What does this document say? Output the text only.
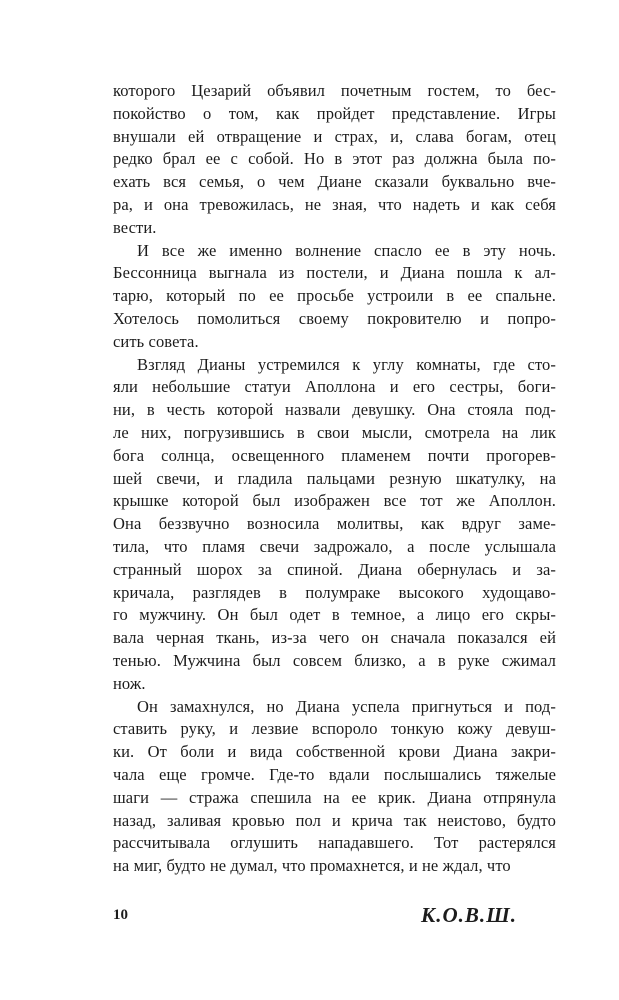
которого Цезарий объявил почетным гостем, то бес-
покойство о том, как пройдет представление. Игры
внушали ей отвращение и страх, и, слава богам, отец
редко брал ее с собой. Но в этот раз должна была по-
ехать вся семья, о чем Диане сказали буквально вче-
ра, и она тревожилась, не зная, что надеть и как себя
вести.

И все же именно волнение спасло ее в эту ночь.
Бессонница выгнала из постели, и Диана пошла к ал-
тарю, который по ее просьбе устроили в ее спальне.
Хотелось помолиться своему покровителю и попро-
сить совета.

Взгляд Дианы устремился к углу комнаты, где сто-
яли небольшие статуи Аполлона и его сестры, боги-
ни, в честь которой назвали девушку. Она стояла под-
ле них, погрузившись в свои мысли, смотрела на лик
бога солнца, освещенного пламенем почти прогорев-
шей свечи, и гладила пальцами резную шкатулку, на
крышке которой был изображен все тот же Аполлон.
Она беззвучно возносила молитвы, как вдруг заме-
тила, что пламя свечи задрожало, а после услышала
странный шорох за спиной. Диана обернулась и за-
кричала, разглядев в полумраке высокого худощаво-
го мужчину. Он был одет в темное, а лицо его скры-
вала черная ткань, из-за чего он сначала показался ей
тенью. Мужчина был совсем близко, а в руке сжимал
нож.

Он замахнулся, но Диана успела пригнуться и под-
ставить руку, и лезвие вспороло тонкую кожу девуш-
ки. От боли и вида собственной крови Диана закри-
чала еще громче. Где-то вдали послышались тяжелые
шаги — стража спешила на ее крик. Диана отпрянула
назад, заливая кровью пол и крича так неистово, будто
рассчитывала оглушить нападавшего. Тот растерялся
на миг, будто не думал, что промахнется, и не ждал, что

10	К.О.В.Ш.
